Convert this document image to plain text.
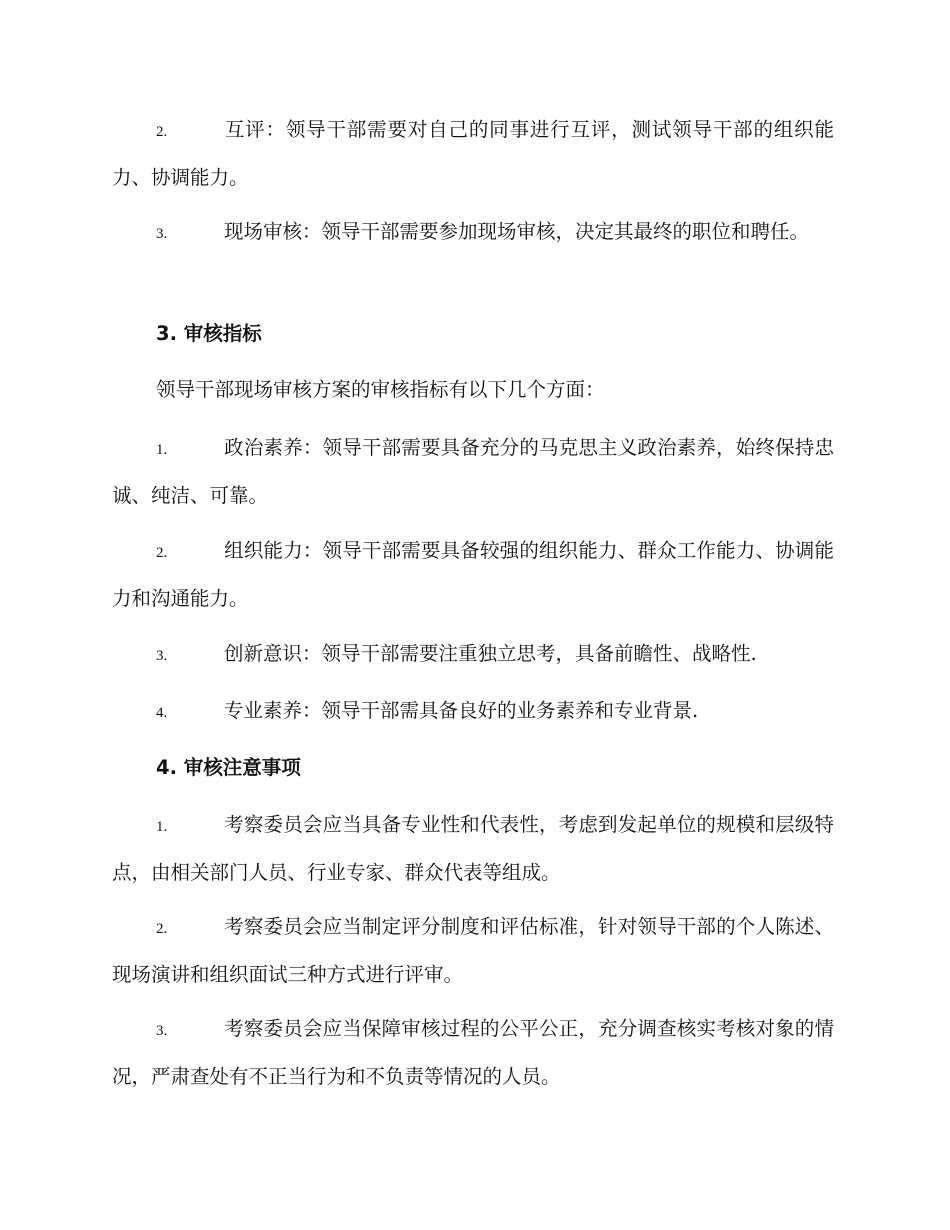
2.	互评：领导干部需要对自己的同事进行互评，测试领导干部的组织能力、协调能力。
3.	现场审核：领导干部需要参加现场审核，决定其最终的职位和聘任。
3. 审核指标
领导干部现场审核方案的审核指标有以下几个方面：
1.	政治素养：领导干部需要具备充分的马克思主义政治素养，始终保持忠诚、纯洁、可靠。
2.	组织能力：领导干部需要具备较强的组织能力、群众工作能力、协调能力和沟通能力。
3.	创新意识：领导干部需要注重独立思考，具备前瞻性、战略性.
4.	专业素养：领导干部需具备良好的业务素养和专业背景.
4. 审核注意事项
1.	考察委员会应当具备专业性和代表性，考虑到发起单位的规模和层级特点，由相关部门人员、行业专家、群众代表等组成。
2.	考察委员会应当制定评分制度和评估标准，针对领导干部的个人陈述、现场演讲和组织面试三种方式进行评审。
3.	考察委员会应当保障审核过程的公平公正，充分调查核实考核对象的情况，严肃查处有不正当行为和不负责等情况的人员。
